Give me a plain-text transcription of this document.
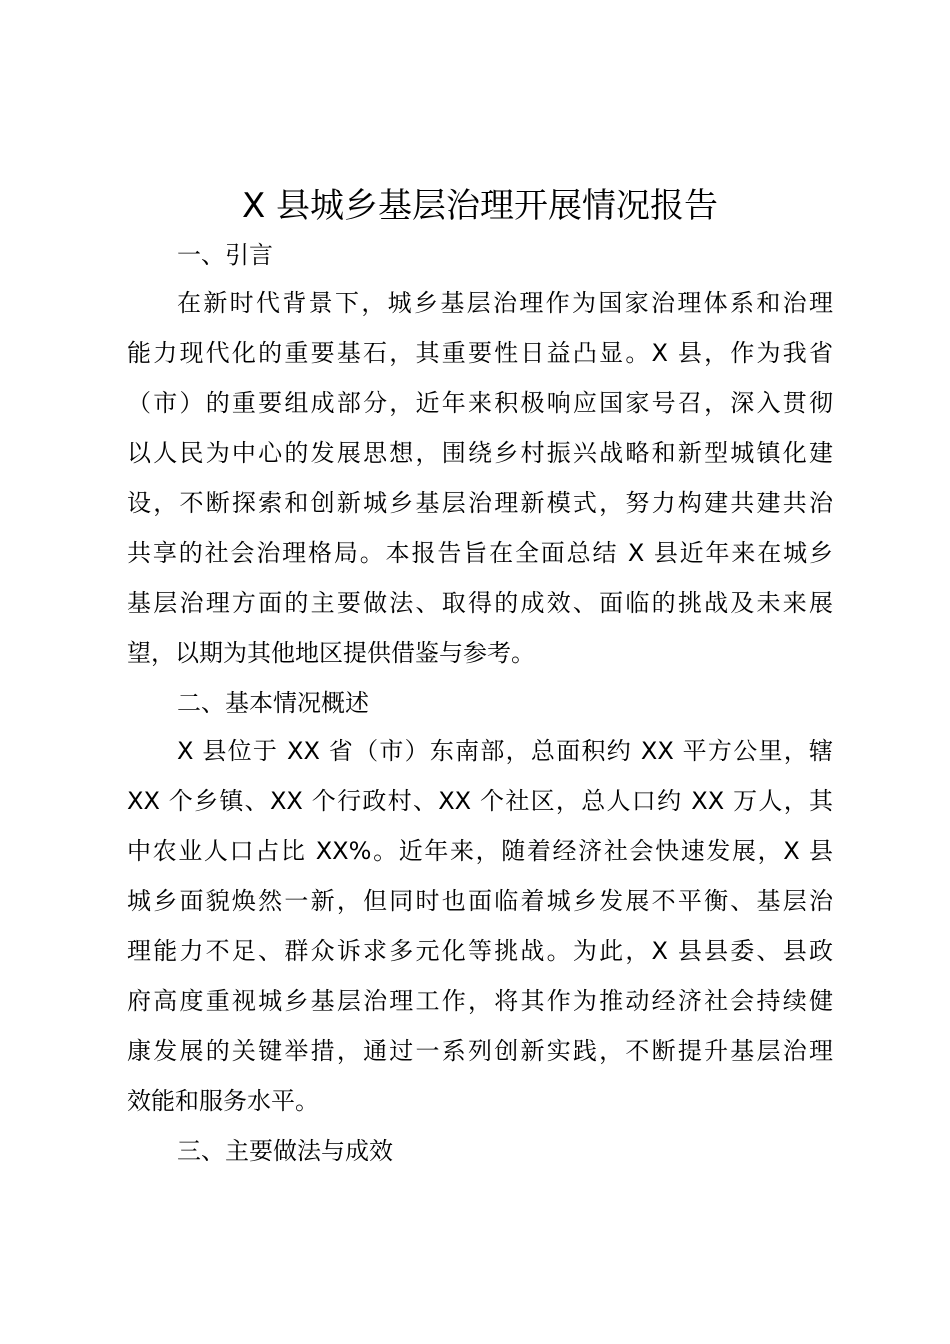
X 县城乡基层治理开展情况报告
一、引言

在新时代背景下，城乡基层治理作为国家治理体系和治理
能力现代化的重要基石，其重要性日益凸显。X 县，作为我省
（市）的重要组成部分，近年来积极响应国家号召，深入贯彻
以人民为中心的发展思想，围绕乡村振兴战略和新型城镇化建
设，不断探索和创新城乡基层治理新模式，努力构建共建共治
共享的社会治理格局。本报告旨在全面总结 X 县近年来在城乡
基层治理方面的主要做法、取得的成效、面临的挑战及未来展
望，以期为其他地区提供借鉴与参考。

二、基本情况概述

X 县位于 XX 省（市）东南部，总面积约 XX 平方公里，辖
XX 个乡镇、XX 个行政村、XX 个社区，总人口约 XX 万人，其
中农业人口占比 XX%。近年来，随着经济社会快速发展，X 县
城乡面貌焕然一新，但同时也面临着城乡发展不平衡、基层治
理能力不足、群众诉求多元化等挑战。为此，X 县县委、县政
府高度重视城乡基层治理工作，将其作为推动经济社会持续健
康发展的关键举措，通过一系列创新实践，不断提升基层治理
效能和服务水平。

三、主要做法与成效
